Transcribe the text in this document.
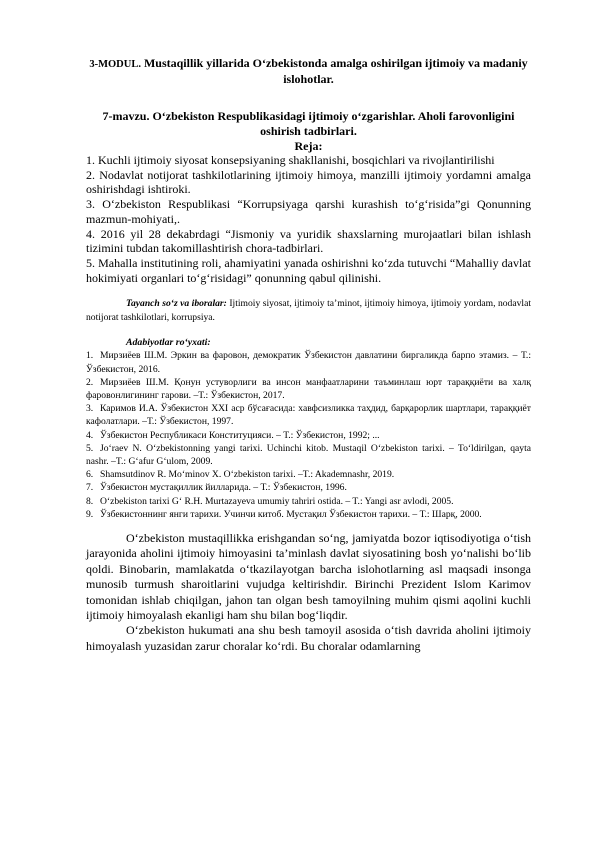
3-MODUL. Mustaqillik yillarida O‘zbekistonda amalga oshirilgan ijtimoiy va madaniy islohotlar.

7-mavzu. O‘zbekiston Respublikasidagi ijtimoiy o‘zgarishlar. Aholi farovonligini oshirish tadbirlari.

Reja:

1. Kuchli ijtimoiy siyosat konsepsiyaning shakllanishi, bosqichlari va rivojlantirilishi

2. Nodavlat notijorat tashkilotlarining ijtimoiy himoya, manzilli ijtimoiy yordamni amalga oshirishdagi ishtiroki.

3. O‘zbekiston Respublikasi “Korrupsiyaga qarshi kurashish to‘g‘risida”gi Qonunning mazmun-mohiyati,.

4. 2016 yil 28 dekabrdagi “Jismoniy va yuridik shaxslarning murojaatlari bilan ishlash tizimini tubdan takomillashtirish chora-tadbirlari.

5. Mahalla institutining roli, ahamiyatini yanada oshirishni ko‘zda tutuvchi “Mahalliy davlat hokimiyati organlari to‘g‘risidagi” qonunning qabul qilinishi.

Tayanch so‘z va iboralar: Ijtimoiy siyosat, ijtimoiy ta’minot, ijtimoiy himoya, ijtimoiy yordam, nodavlat notijorat tashkilotlari, korrupsiya.

Adabiyotlar ro‘yxati:

1. Мирзиёев Ш.М. Эркин ва фаровон, демократик Ўзбекистон давлатини биргаликда барпо этамиз. – Т.: Ўзбекистон, 2016.
2. Мирзиёев Ш.М. Қонун устуворлиги ва инсон манфаатларини таъминлаш юрт тараққиёти ва халқ фаровонлигининг гарови. –Т.: Ўзбекистон, 2017.
3. Каримов И.А. Ўзбекистон XXI аср бўсағасида: хавфсизликка таҳдид, барқарорлик шартлари, тараққиёт кафолатлари. –Т.: Ўзбекистон, 1997.
4. Ўзбекистон Республикаси Конституцияси. – Т.: Ўзбекистон, 1992; ...
5. Jo‘raev N. O‘zbekistonning yangi tarixi. Uchinchi kitob. Mustaqil O‘zbekiston tarixi. – To‘ldirilgan, qayta nashr. –T.: G‘afur G‘ulom, 2009.
6. Shamsutdinov R. Mo‘minov X. O‘zbekiston tarixi. –T.: Akademnashr, 2019.
7. Ўзбекистон мустақиллик йилларида. – Т.: Ўзбекистон, 1996.
8. O‘zbekiston tarixi G‘ R.H. Murtazayeva umumiy tahriri ostida. – T.: Yangi asr avlodi, 2005.
9. Ўзбекистоннинг янги тарихи. Учинчи китоб. Мустақил Ўзбекистон тарихи. – Т.: Шарқ, 2000.

O‘zbekiston mustaqillikka erishgandan so‘ng, jamiyatda bozor iqtisodiyotiga o‘tish jarayonida aholini ijtimoiy himoyasini ta’minlash davlat siyosatining bosh yo‘nalishi bo‘lib qoldi. Binobarin, mamlakatda o‘tkazilayotgan barcha islohotlarning asl maqsadi insonga munosib turmush sharoitlarini vujudga keltirishdir. Birinchi Prezident Islom Karimov tomonidan ishlab chiqilgan, jahon tan olgan besh tamoyilning muhim qismi aqolini kuchli ijtimoiy himoyalash ekanligi ham shu bilan bog‘liqdir.

O‘zbekiston hukumati ana shu besh tamoyil asosida o‘tish davrida aholini ijtimoiy himoyalash yuzasidan zarur choralar ko‘rdi. Bu choralar odamlarning
